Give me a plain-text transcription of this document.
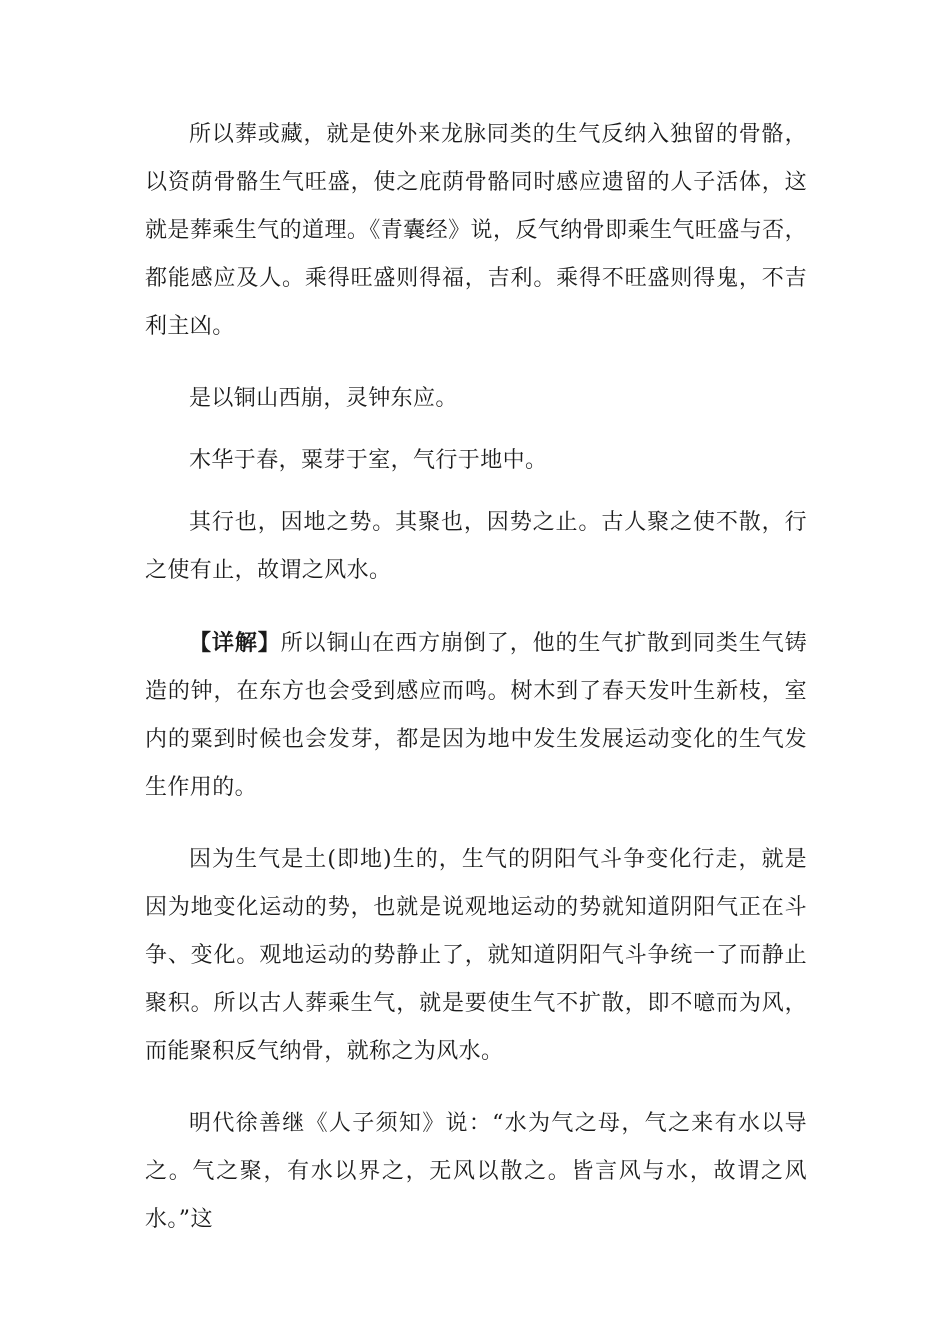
所以葬或藏，就是使外来龙脉同类的生气反纳入独留的骨骼，以资荫骨骼生气旺盛，使之庇荫骨骼同时感应遗留的人子活体，这就是葬乘生气的道理。《青囊经》说，反气纳骨即乘生气旺盛与否，都能感应及人。乘得旺盛则得福，吉利。乘得不旺盛则得鬼，不吉利主凶。

是以铜山西崩，灵钟东应。

木华于春，粟芽于室，气行于地中。

其行也，因地之势。其聚也，因势之止。古人聚之使不散，行之使有止，故谓之风水。

【详解】所以铜山在西方崩倒了，他的生气扩散到同类生气铸造的钟，在东方也会受到感应而鸣。树木到了春天发叶生新枝，室内的粟到时候也会发芽，都是因为地中发生发展运动变化的生气发生作用的。

因为生气是土(即地)生的，生气的阴阳气斗争变化行走，就是因为地变化运动的势，也就是说观地运动的势就知道阴阳气正在斗争、变化。观地运动的势静止了，就知道阴阳气斗争统一了而静止聚积。所以古人葬乘生气，就是要使生气不扩散，即不噫而为风，而能聚积反气纳骨，就称之为风水。

明代徐善继《人子须知》说：“水为气之母，气之来有水以导之。气之聚，有水以界之，无风以散之。皆言风与水，故谓之风水。”这
